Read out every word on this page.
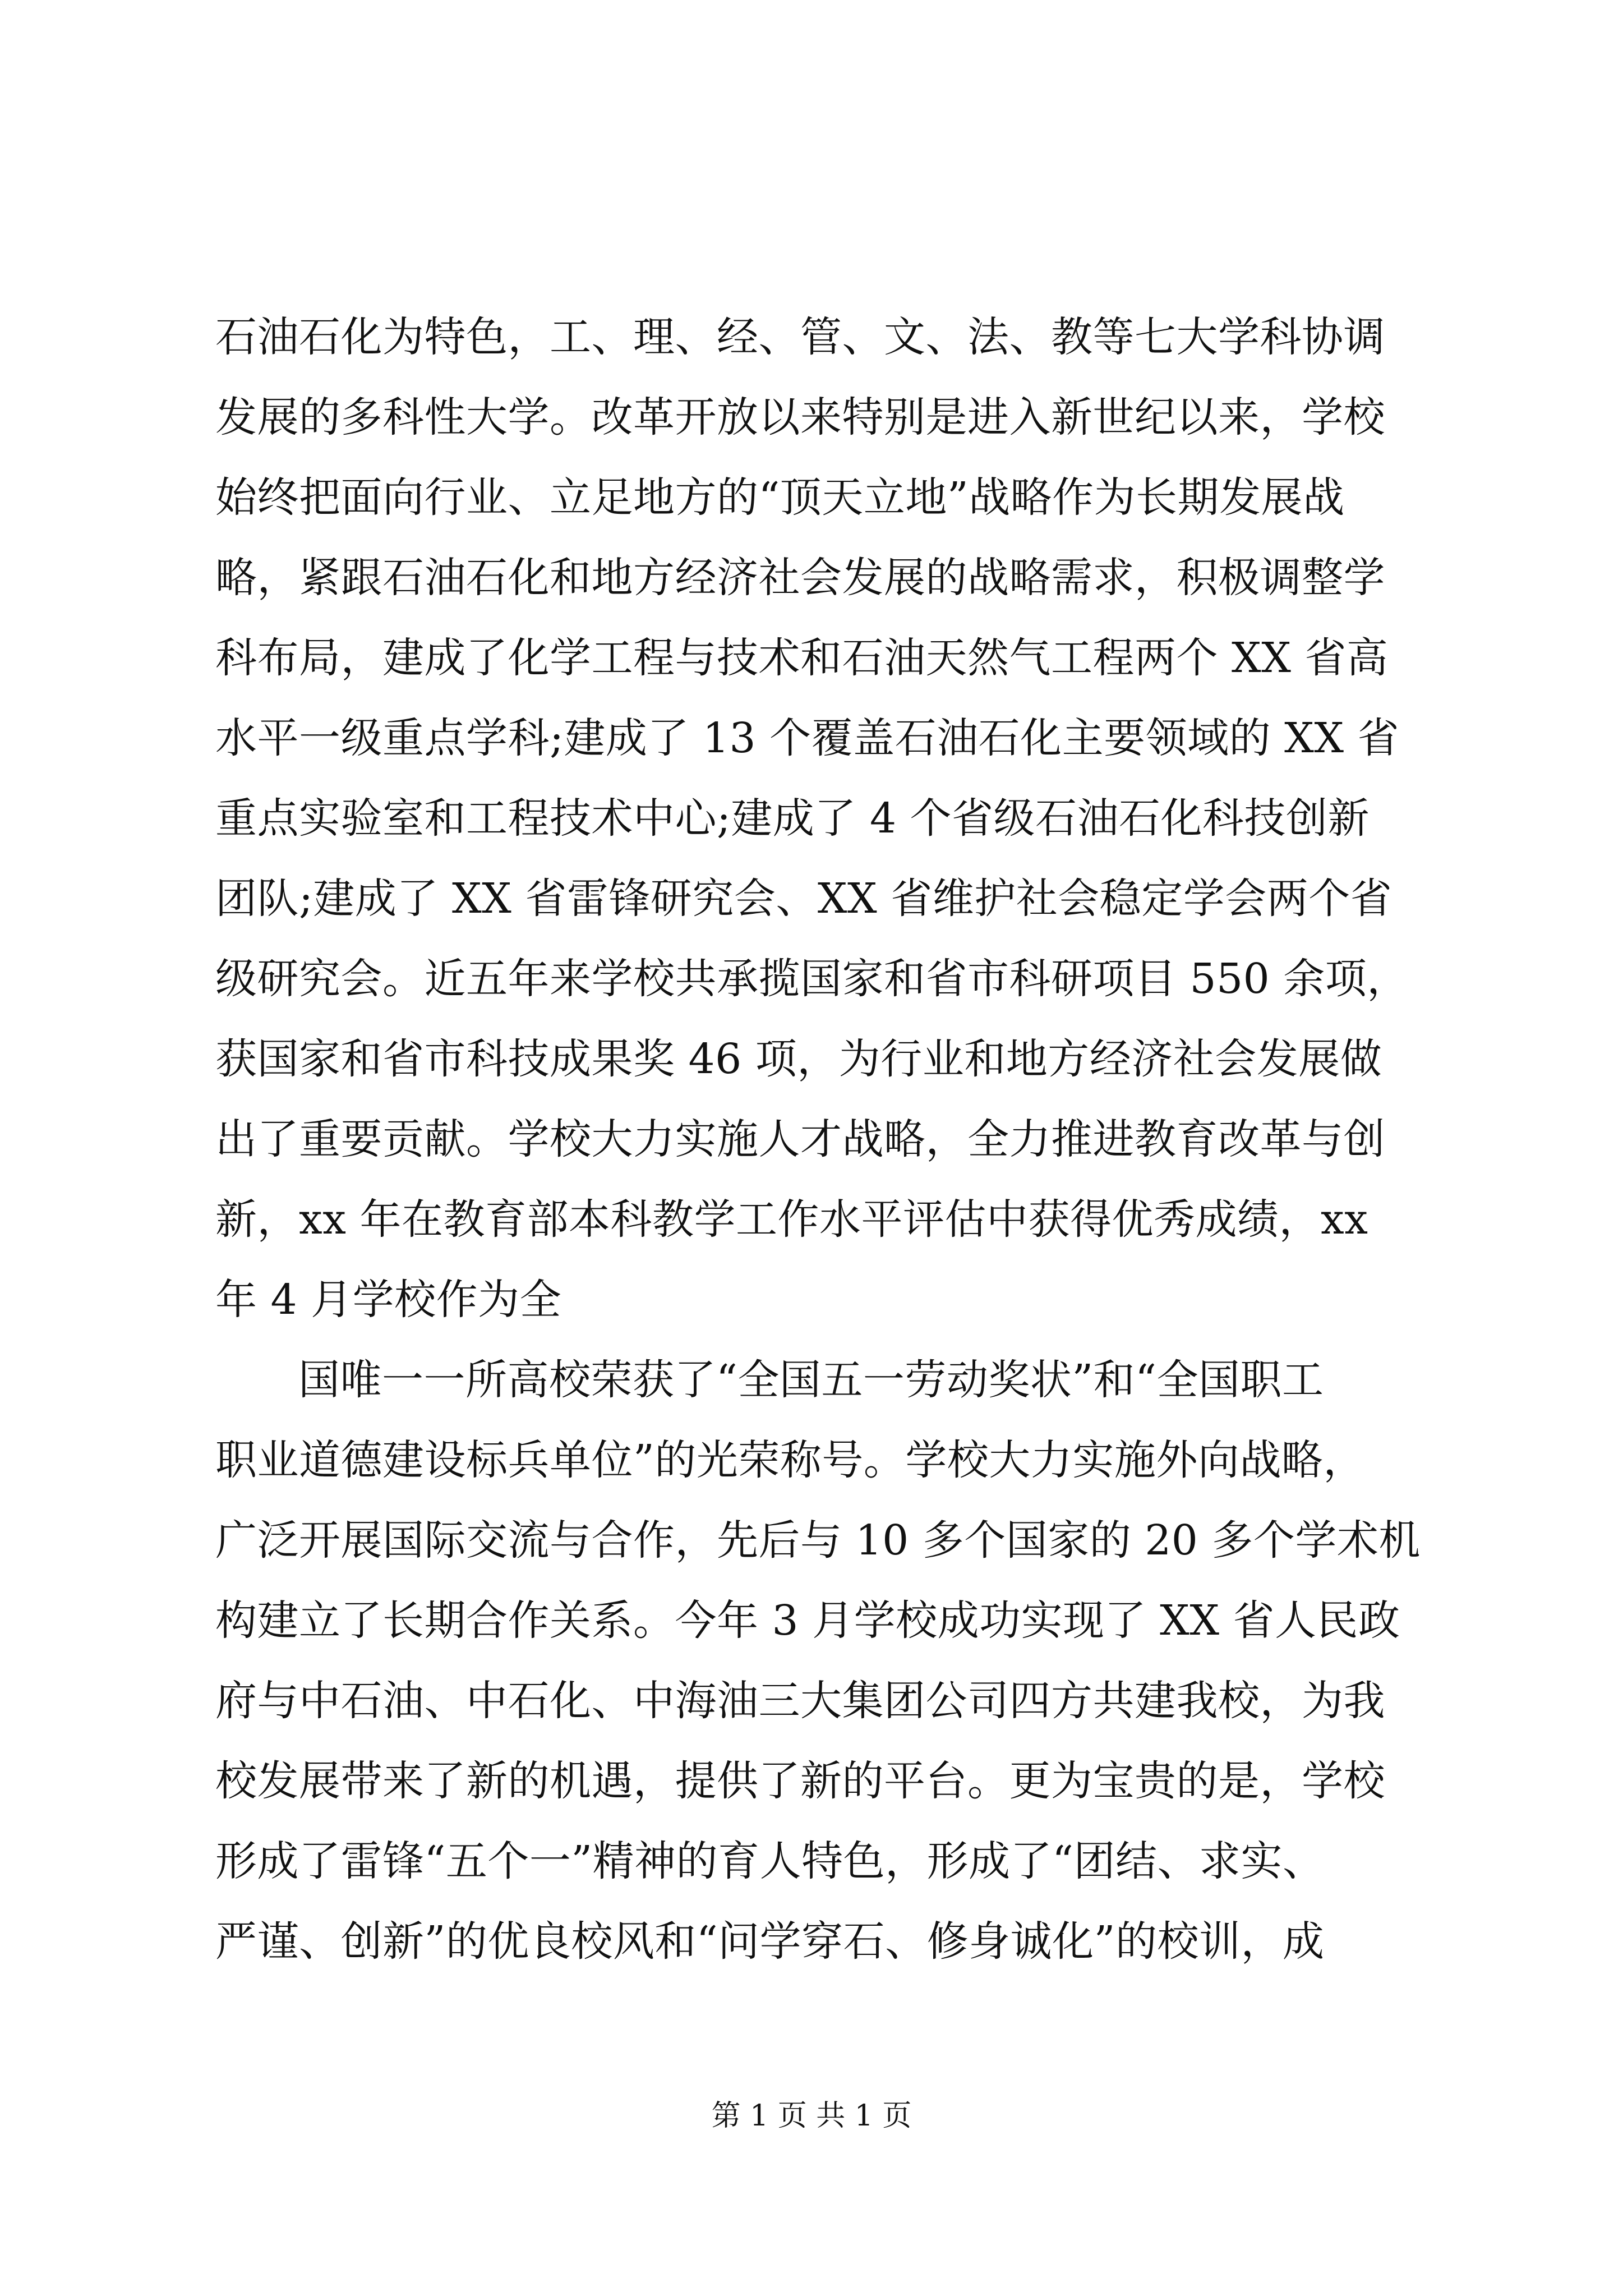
石油石化为特色，工、理、经、管、文、法、教等七大学科协调
发展的多科性大学。改革开放以来特别是进入新世纪以来，学校
始终把面向行业、立足地方的“顶天立地”战略作为长期发展战
略，紧跟石油石化和地方经济社会发展的战略需求，积极调整学
科布局，建成了化学工程与技术和石油天然气工程两个 XX 省高
水平一级重点学科;建成了 13 个覆盖石油石化主要领域的 XX 省
重点实验室和工程技术中心;建成了 4 个省级石油石化科技创新
团队;建成了 XX 省雷锋研究会、XX 省维护社会稳定学会两个省
级研究会。近五年来学校共承揽国家和省市科研项目 550 余项，
获国家和省市科技成果奖 46 项，为行业和地方经济社会发展做
出了重要贡献。学校大力实施人才战略，全力推进教育改革与创
新，xx 年在教育部本科教学工作水平评估中获得优秀成绩，xx
年 4 月学校作为全
国唯一一所高校荣获了“全国五一劳动奖状”和“全国职工
职业道德建设标兵单位”的光荣称号。学校大力实施外向战略，
广泛开展国际交流与合作，先后与 10 多个国家的 20 多个学术机
构建立了长期合作关系。今年 3 月学校成功实现了 XX 省人民政
府与中石油、中石化、中海油三大集团公司四方共建我校，为我
校发展带来了新的机遇，提供了新的平台。更为宝贵的是，学校
形成了雷锋“五个一”精神的育人特色，形成了“团结、求实、
严谨、创新”的优良校风和“问学穿石、修身诚化”的校训，成
第 1 页 共 1 页
